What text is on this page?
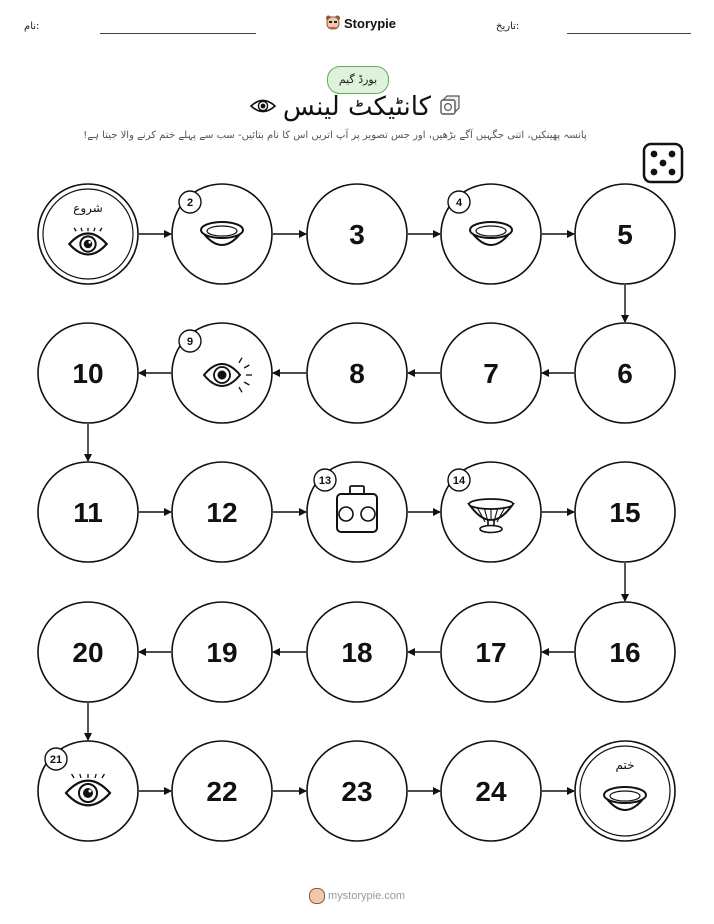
نام:	Storypie	تاریخ:
بورڈ گیم
کانٹیکٹ لینس
پانسہ پھینکیں، اتنی جگہیں آگے بڑھیں، اور جس تصویر پر آپ اتریں اس کا نام بتائیں- سب سے پہلے ختم کرنے والا جیتا ہے!
شروع	2
3
4
5
6
7
8
9
10
11	12
13	14
15
16
17
18
19
20
21
22	23	24
ختم
mystorypie.com
